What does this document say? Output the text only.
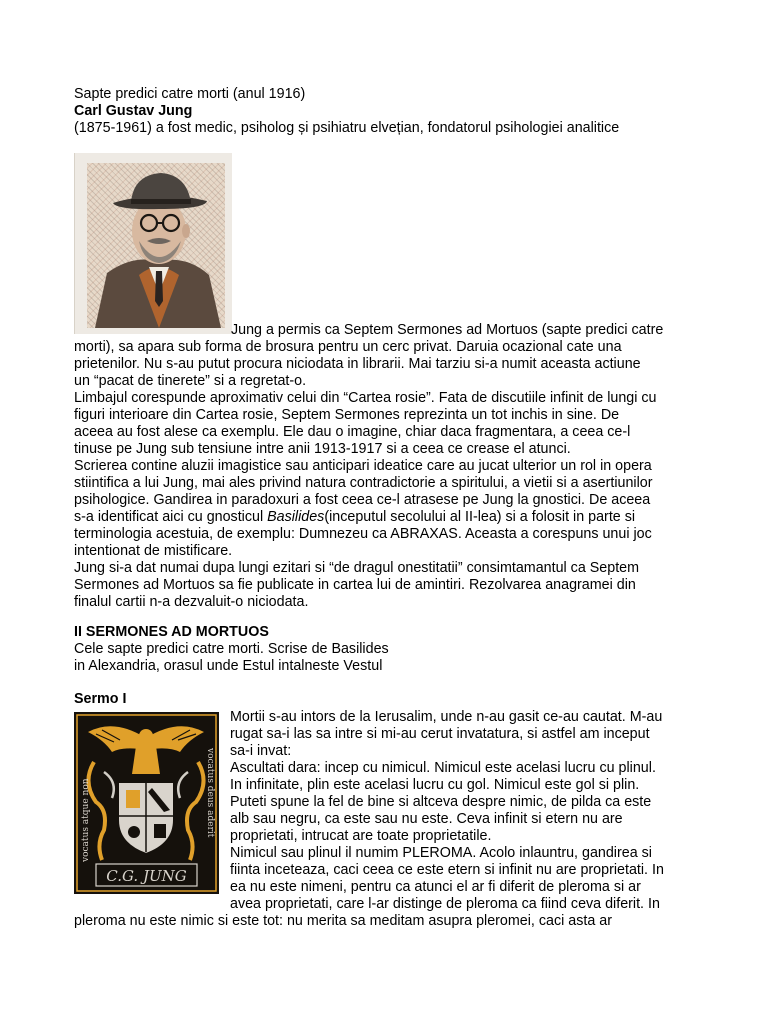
Sapte predici catre morti (anul 1916)

Carl Gustav Jung

(1875-1961) a fost medic, psiholog și psihiatru elvețian, fondatorul psihologiei analitice

Jung a permis ca Septem Sermones ad Mortuos (sapte predici catre

morti), sa apara sub forma de brosura pentru un cerc privat. Daruia ocazional cate una

prietenilor. Nu s-au putut procura niciodata in librarii. Mai tarziu si-a numit aceasta actiune

un “pacat de tinerete” si a regretat-o.

Limbajul corespunde aproximativ celui din “Cartea rosie”. Fata de discutiile infinit de lungi cu

figuri interioare din Cartea rosie, Septem Sermones reprezinta un tot inchis in sine. De

aceea au fost alese ca exemplu. Ele dau o imagine, chiar daca fragmentara, a ceea ce-l

tinuse pe Jung sub tensiune intre anii 1913-1917 si a ceea ce crease el atunci.

Scrierea contine aluzii imagistice sau anticipari ideatice care au jucat ulterior un rol in opera

stiintifica a lui Jung, mai ales privind natura contradictorie a spiritului, a vietii si a asertiunilor

psihologice. Gandirea in paradoxuri a fost ceea ce-l atrasese pe Jung la gnostici. De aceea

s-a identificat aici cu gnosticul Basilides(inceputul secolului al II-lea) si a folosit in parte si

terminologia acestuia, de exemplu: Dumnezeu ca ABRAXAS. Aceasta a corespuns unui joc

intentionat de mistificare.

Jung si-a dat numai dupa lungi ezitari si “de dragul onestitatii” consimtamantul ca Septem

Sermones ad Mortuos sa fie publicate in cartea lui de amintiri. Rezolvarea anagramei din

finalul cartii n-a dezvaluit-o niciodata.

II SERMONES AD MORTUOS

Cele sapte predici catre morti. Scrise de Basilides

in Alexandria, orasul unde Estul intalneste Vestul

Sermo I

vocatus atque non	vocatus deus aderit
C.G. JUNG

Mortii s-au intors de la Ierusalim, unde n-au gasit ce-au cautat. M-au

rugat sa-i las sa intre si mi-au cerut invatatura, si astfel am inceput

sa-i invat:

Ascultati dara: incep cu nimicul. Nimicul este acelasi lucru cu plinul.

In infinitate, plin este acelasi lucru cu gol. Nimicul este gol si plin.

Puteti spune la fel de bine si altceva despre nimic, de pilda ca este

alb sau negru, ca este sau nu este. Ceva infinit si etern nu are

proprietati, intrucat are toate proprietatile.

Nimicul sau plinul il numim PLEROMA. Acolo inlauntru, gandirea si

fiinta inceteaza, caci ceea ce este etern si infinit nu are proprietati. In

ea nu este nimeni, pentru ca atunci el ar fi diferit de pleroma si ar

avea proprietati, care l-ar distinge de pleroma ca fiind ceva diferit. In

pleroma nu este nimic si este tot: nu merita sa meditam asupra pleromei, caci asta ar
